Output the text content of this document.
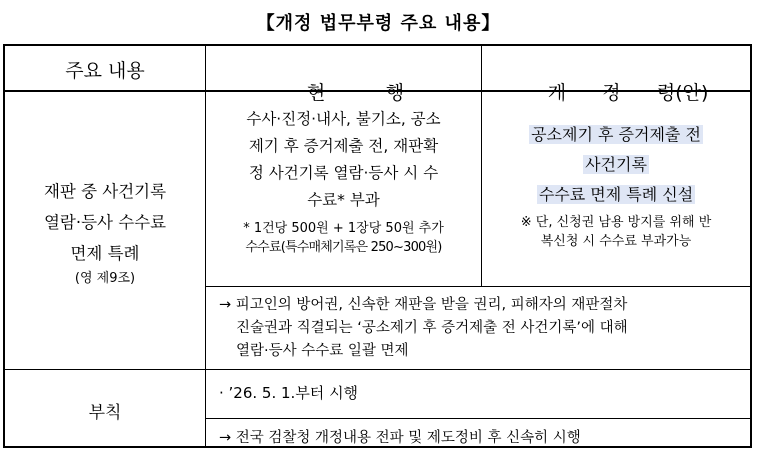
【개정 법무부령 주요 내용】
주요 내용

현          행
	개      정      령(안)

재판 중 사건기록
열람·등사 수수료
면제 특례
(영 제9조)
수사·진정·내사, 불기소, 공소
제기 후 증거제출 전, 재판확
정 사건기록 열람·등사 시 수
수료* 부과
* 1건당 500원 + 1장당 50원 추가
수수료(특수매체기록은 250~300원)
공소제기 후 증거제출 전
사건기록
수수료 면제 특례 신설
※ 단, 신청권 남용 방지를 위해 반
복신청 시 수수료 부과가능
→ 피고인의 방어권, 신속한 재판을 받을 권리, 피해자의 재판절차
진술권과 직결되는 ‘공소제기 후 증거제출 전 사건기록’에 대해
열람·등사 수수료 일괄 면제
부칙
· ’26. 5. 1.부터 시행
→ 전국 검찰청 개정내용 전파 및 제도정비 후 신속히 시행
